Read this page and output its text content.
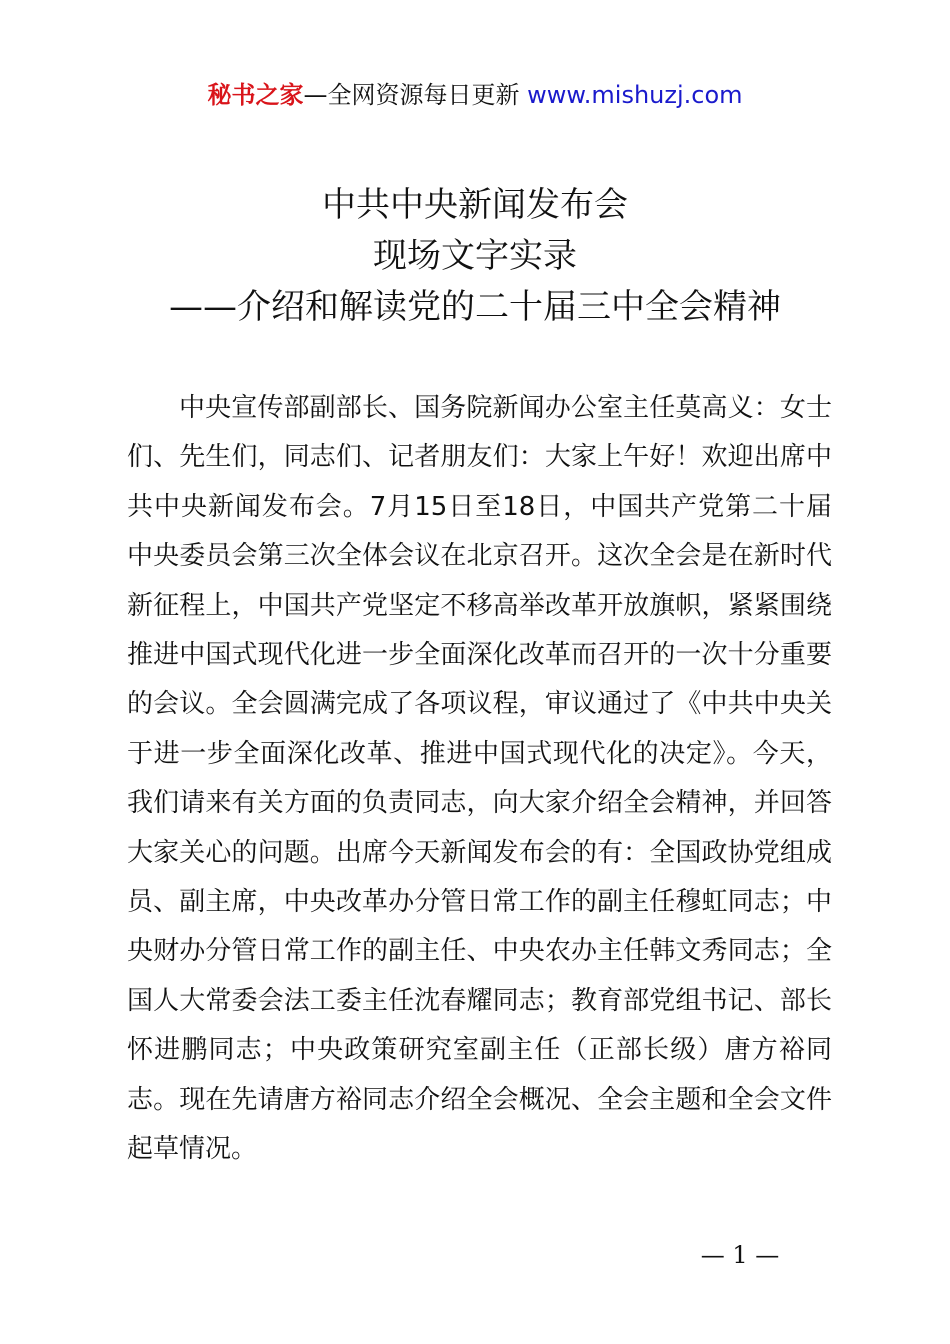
秘书之家—全网资源每日更新 www.mishuzj.com
中共中央新闻发布会
现场文字实录
——介绍和解读党的二十届三中全会精神

中央宣传部副部长、国务院新闻办公室主任莫高义：女士们、先生们，同志们、记者朋友们：大家上午好！欢迎出席中共中央新闻发布会。7月15日至18日，中国共产党第二十届中央委员会第三次全体会议在北京召开。这次全会是在新时代新征程上，中国共产党坚定不移高举改革开放旗帜，紧紧围绕推进中国式现代化进一步全面深化改革而召开的一次十分重要的会议。全会圆满完成了各项议程，审议通过了《中共中央关于进一步全面深化改革、推进中国式现代化的决定》。今天，我们请来有关方面的负责同志，向大家介绍全会精神，并回答大家关心的问题。出席今天新闻发布会的有：全国政协党组成员、副主席，中央改革办分管日常工作的副主任穆虹同志；中央财办分管日常工作的副主任、中央农办主任韩文秀同志；全国人大常委会法工委主任沈春耀同志；教育部党组书记、部长怀进鹏同志；中央政策研究室副主任（正部长级）唐方裕同志。现在先请唐方裕同志介绍全会概况、全会主题和全会文件起草情况。

— 1 —
